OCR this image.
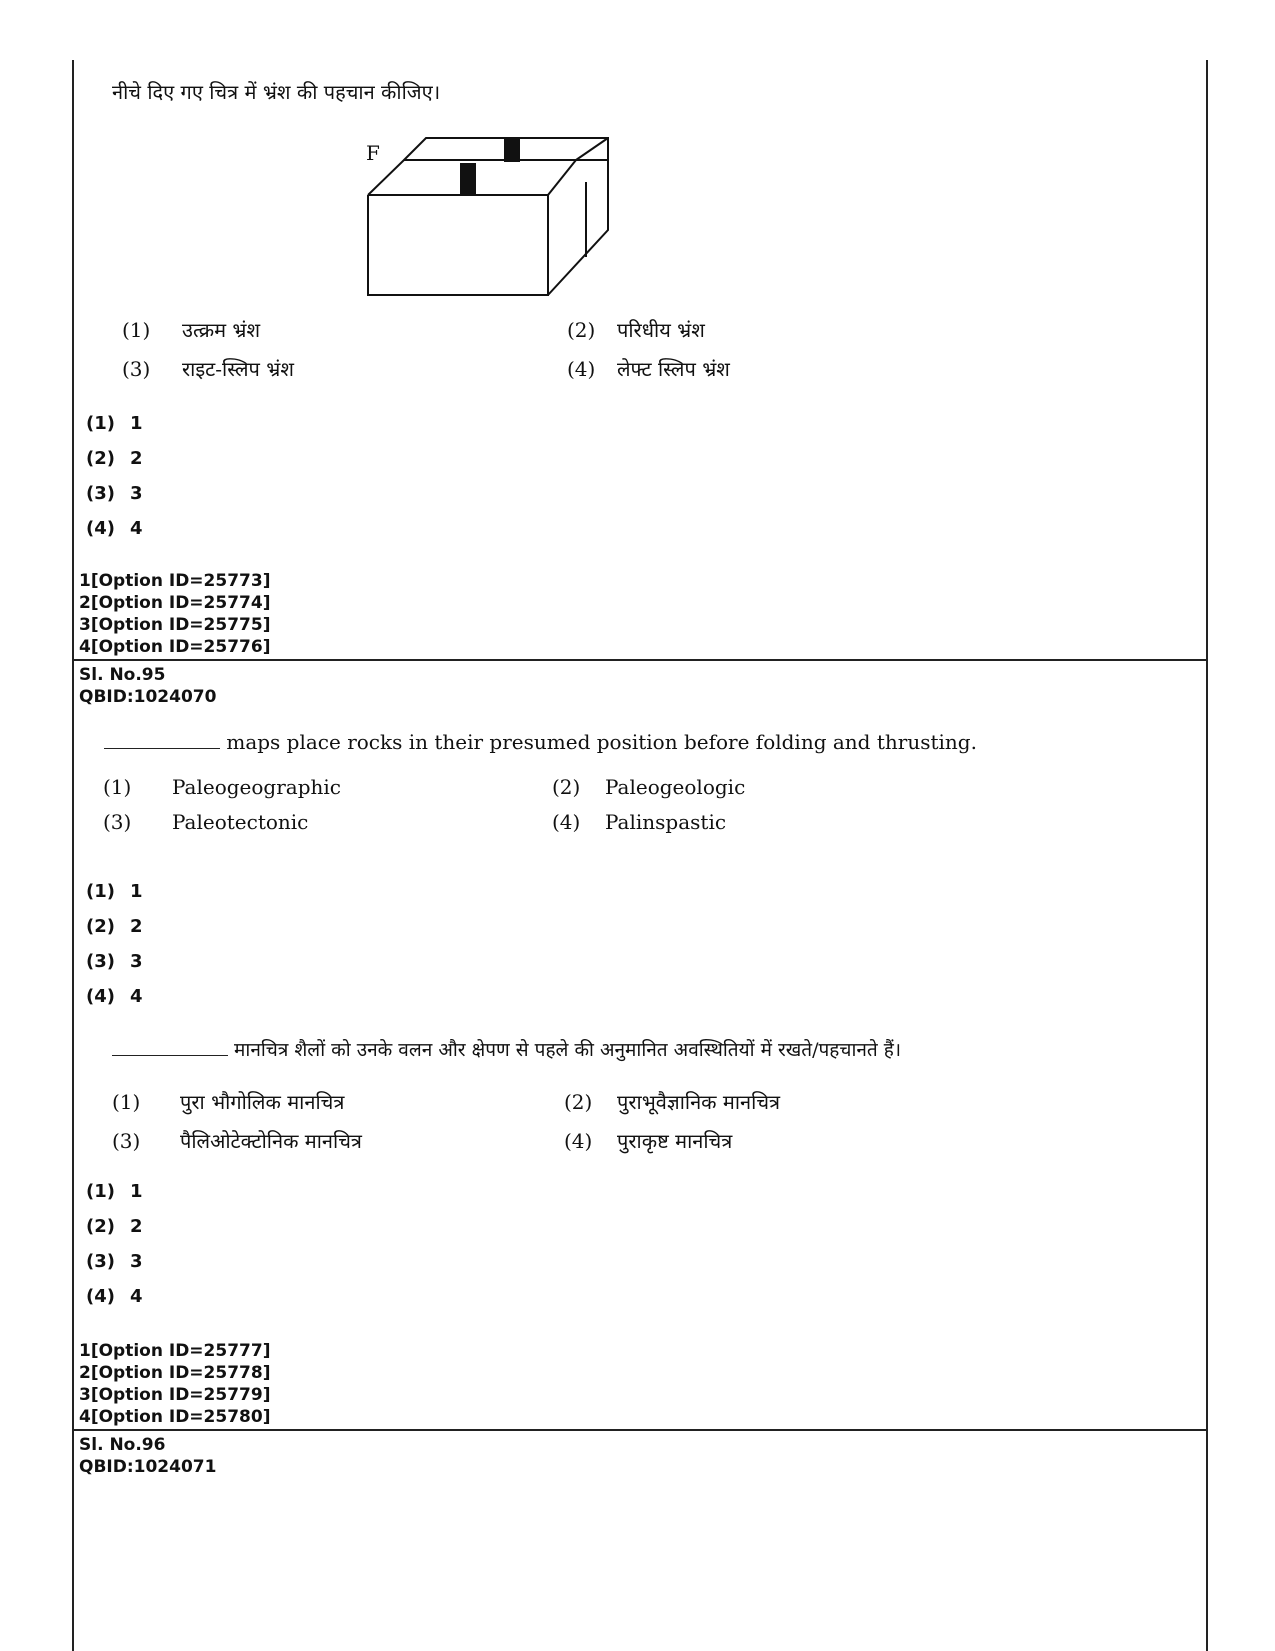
नीचे दिए गए चित्र में भ्रंश की पहचान कीजिए।
F
(1) उत्क्रम भ्रंश	(2) परिधीय भ्रंश
(3) राइट-स्लिप भ्रंश	(4) लेफ्ट स्लिप भ्रंश
(1) 1
(2) 2
(3) 3
(4) 4
1[Option ID=25773]
2[Option ID=25774]
3[Option ID=25775]
4[Option ID=25776]
Sl. No.95
QBID:1024070
maps place rocks in their presumed position before folding and thrusting.
(1) Paleogeographic	(2) Paleogeologic
(3) Paleotectonic	(4) Palinspastic
(1) 1
(2) 2
(3) 3
(4) 4
मानचित्र शैलों को उनके वलन और क्षेपण से पहले की अनुमानित अवस्थितियों में रखते/पहचानते हैं।
(1) पुरा भौगोलिक मानचित्र	(2) पुराभूवैज्ञानिक मानचित्र
(3) पैलिओटेक्टोनिक मानचित्र	(4) पुराकृष्ट मानचित्र
(1) 1
(2) 2
(3) 3
(4) 4
1[Option ID=25777]
2[Option ID=25778]
3[Option ID=25779]
4[Option ID=25780]
Sl. No.96
QBID:1024071
